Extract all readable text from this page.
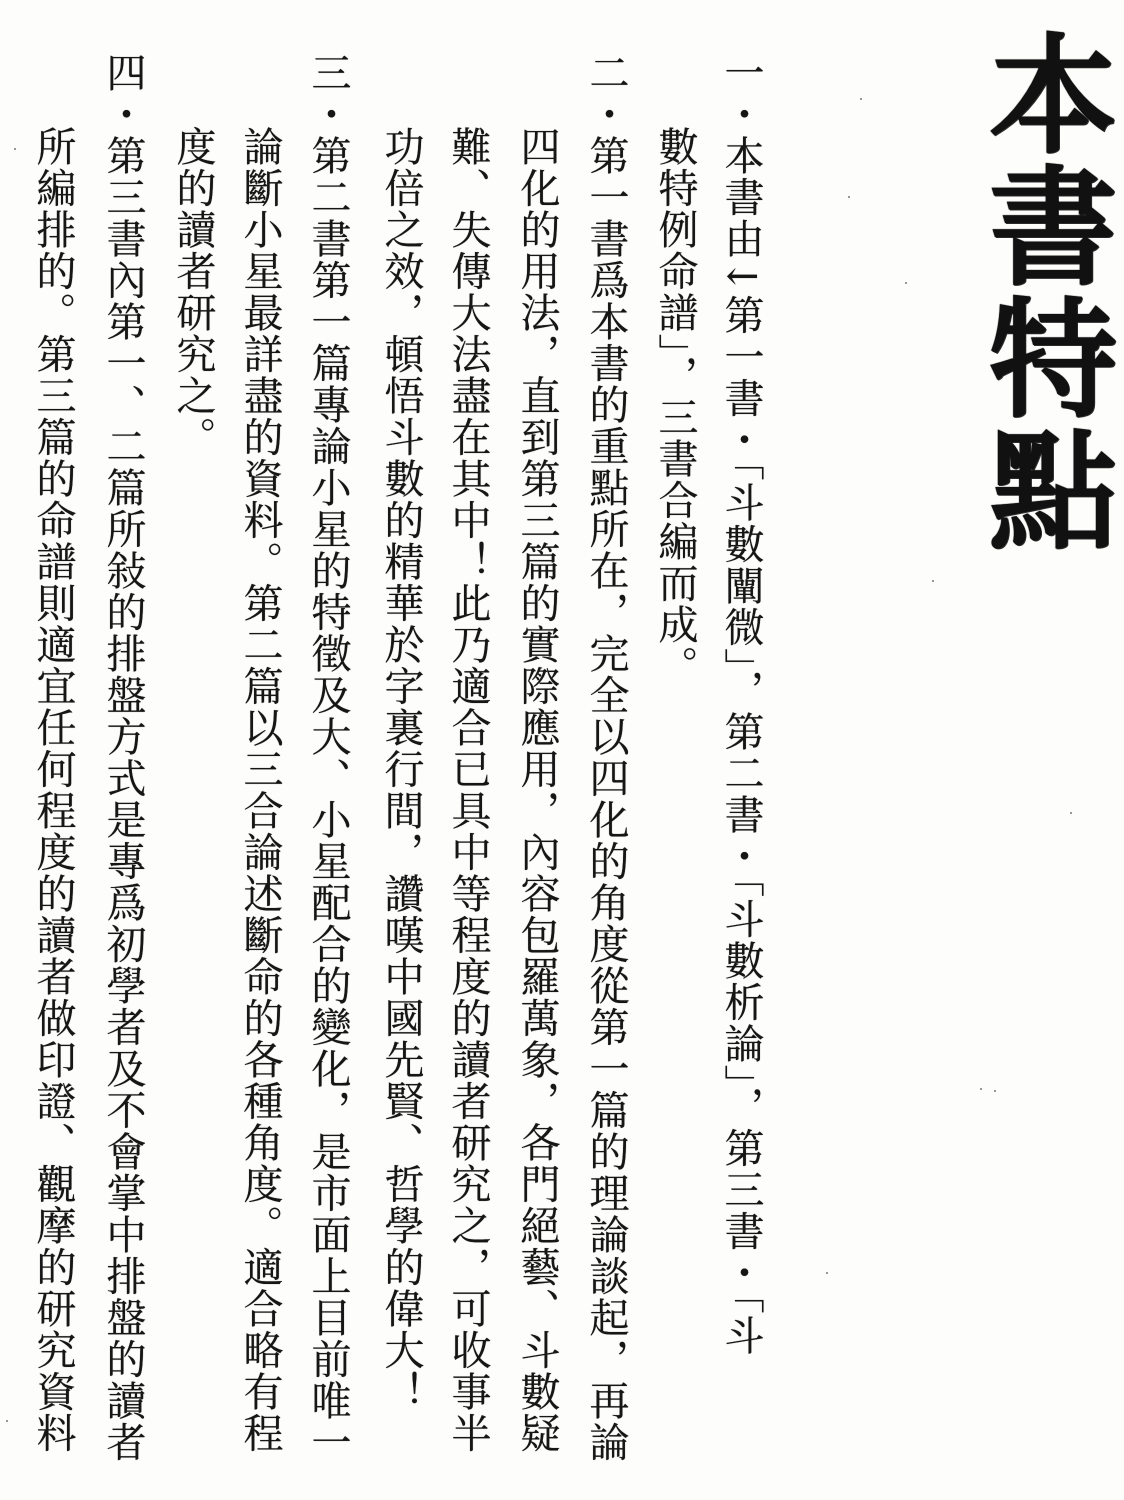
本書特點
一・本書由↓第一書・「斗數闡微」，第二書・「斗數析論」，第三書・「斗
數特例命譜」，三書合編而成。
二・第一書爲本書的重點所在，完全以四化的角度從第一篇的理論談起，再論
四化的用法，直到第三篇的實際應用，內容包羅萬象，各門絕藝、斗數疑
難、失傳大法盡在其中！此乃適合已具中等程度的讀者研究之，可收事半
功倍之效，頓悟斗數的精華於字裏行間，讚嘆中國先賢、哲學的偉大！
三・第二書第一篇專論小星的特徵及大、小星配合的變化，是市面上目前唯一
論斷小星最詳盡的資料。第二篇以三合論述斷命的各種角度。適合略有程
度的讀者研究之。
四・第三書內第一、二篇所敍的排盤方式是專爲初學者及不會掌中排盤的讀者
所編排的。第三篇的命譜則適宜任何程度的讀者做印證、觀摩的研究資料
